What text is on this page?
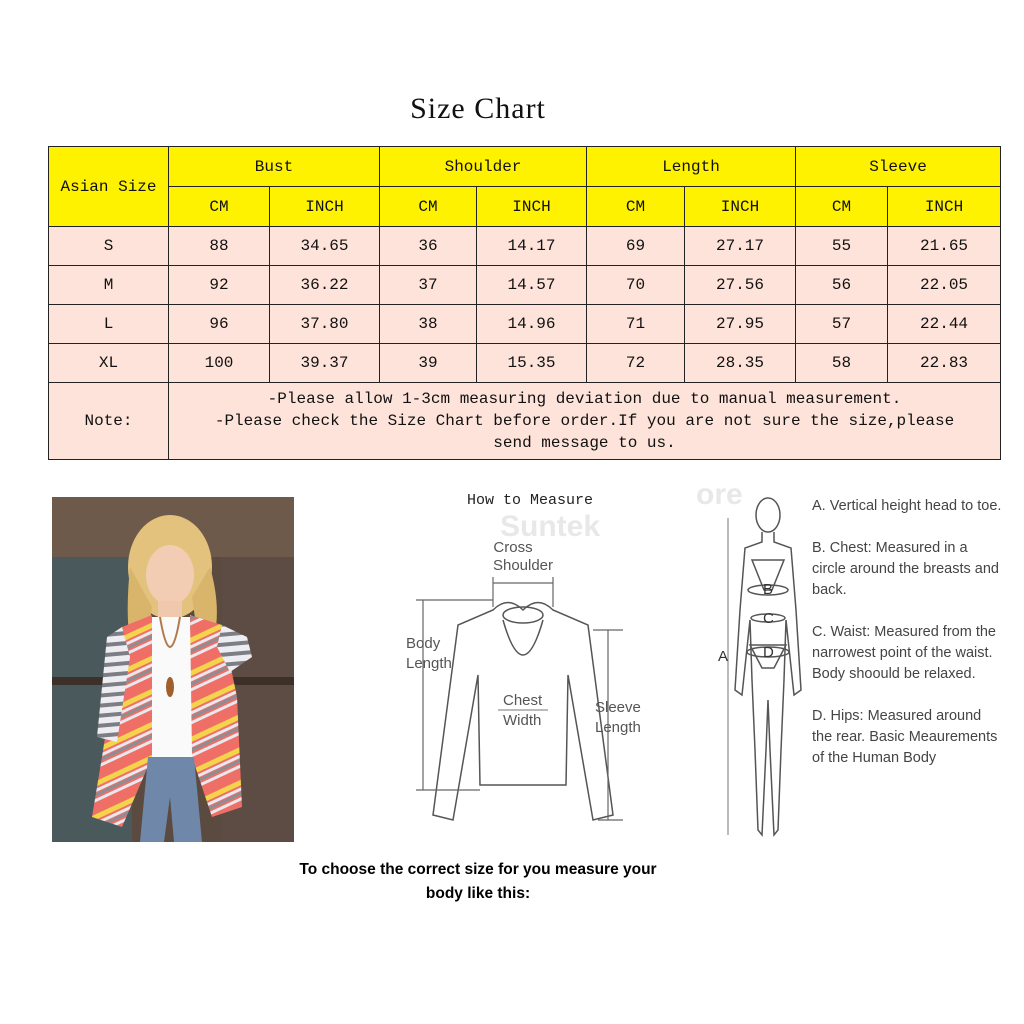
Size Chart
Asian Size	Bust		Shoulder		Length		Sleeve	
	CM	INCH	CM	INCH	CM	INCH	CM	INCH
S	88	34.65	36	14.17	69	27.17	55	21.65
M	92	36.22	37	14.57	70	27.56	56	22.05
L	96	37.80	38	14.96	71	27.95	57	22.44
XL	100	39.37	39	15.35	72	28.35	58	22.83
Note:	-Please allow 1-3cm measuring deviation due to manual measurement.
-Please check the Size Chart before order.If you are not sure the size,please
send message to us.							
How to Measure
Suntek
ore
Cross
Shoulder
Body
Length
Chest
Width
Sleeve
Length
A
B
C
D
A. Vertical height head to toe.
B. Chest: Measured in a circle around the breasts and back.
C. Waist: Measured from the narrowest point of the waist. Body shoould be relaxed.
D. Hips: Measured around the rear. Basic Meaurements of the Human Body
To choose the correct size for you measure your
body like this:
